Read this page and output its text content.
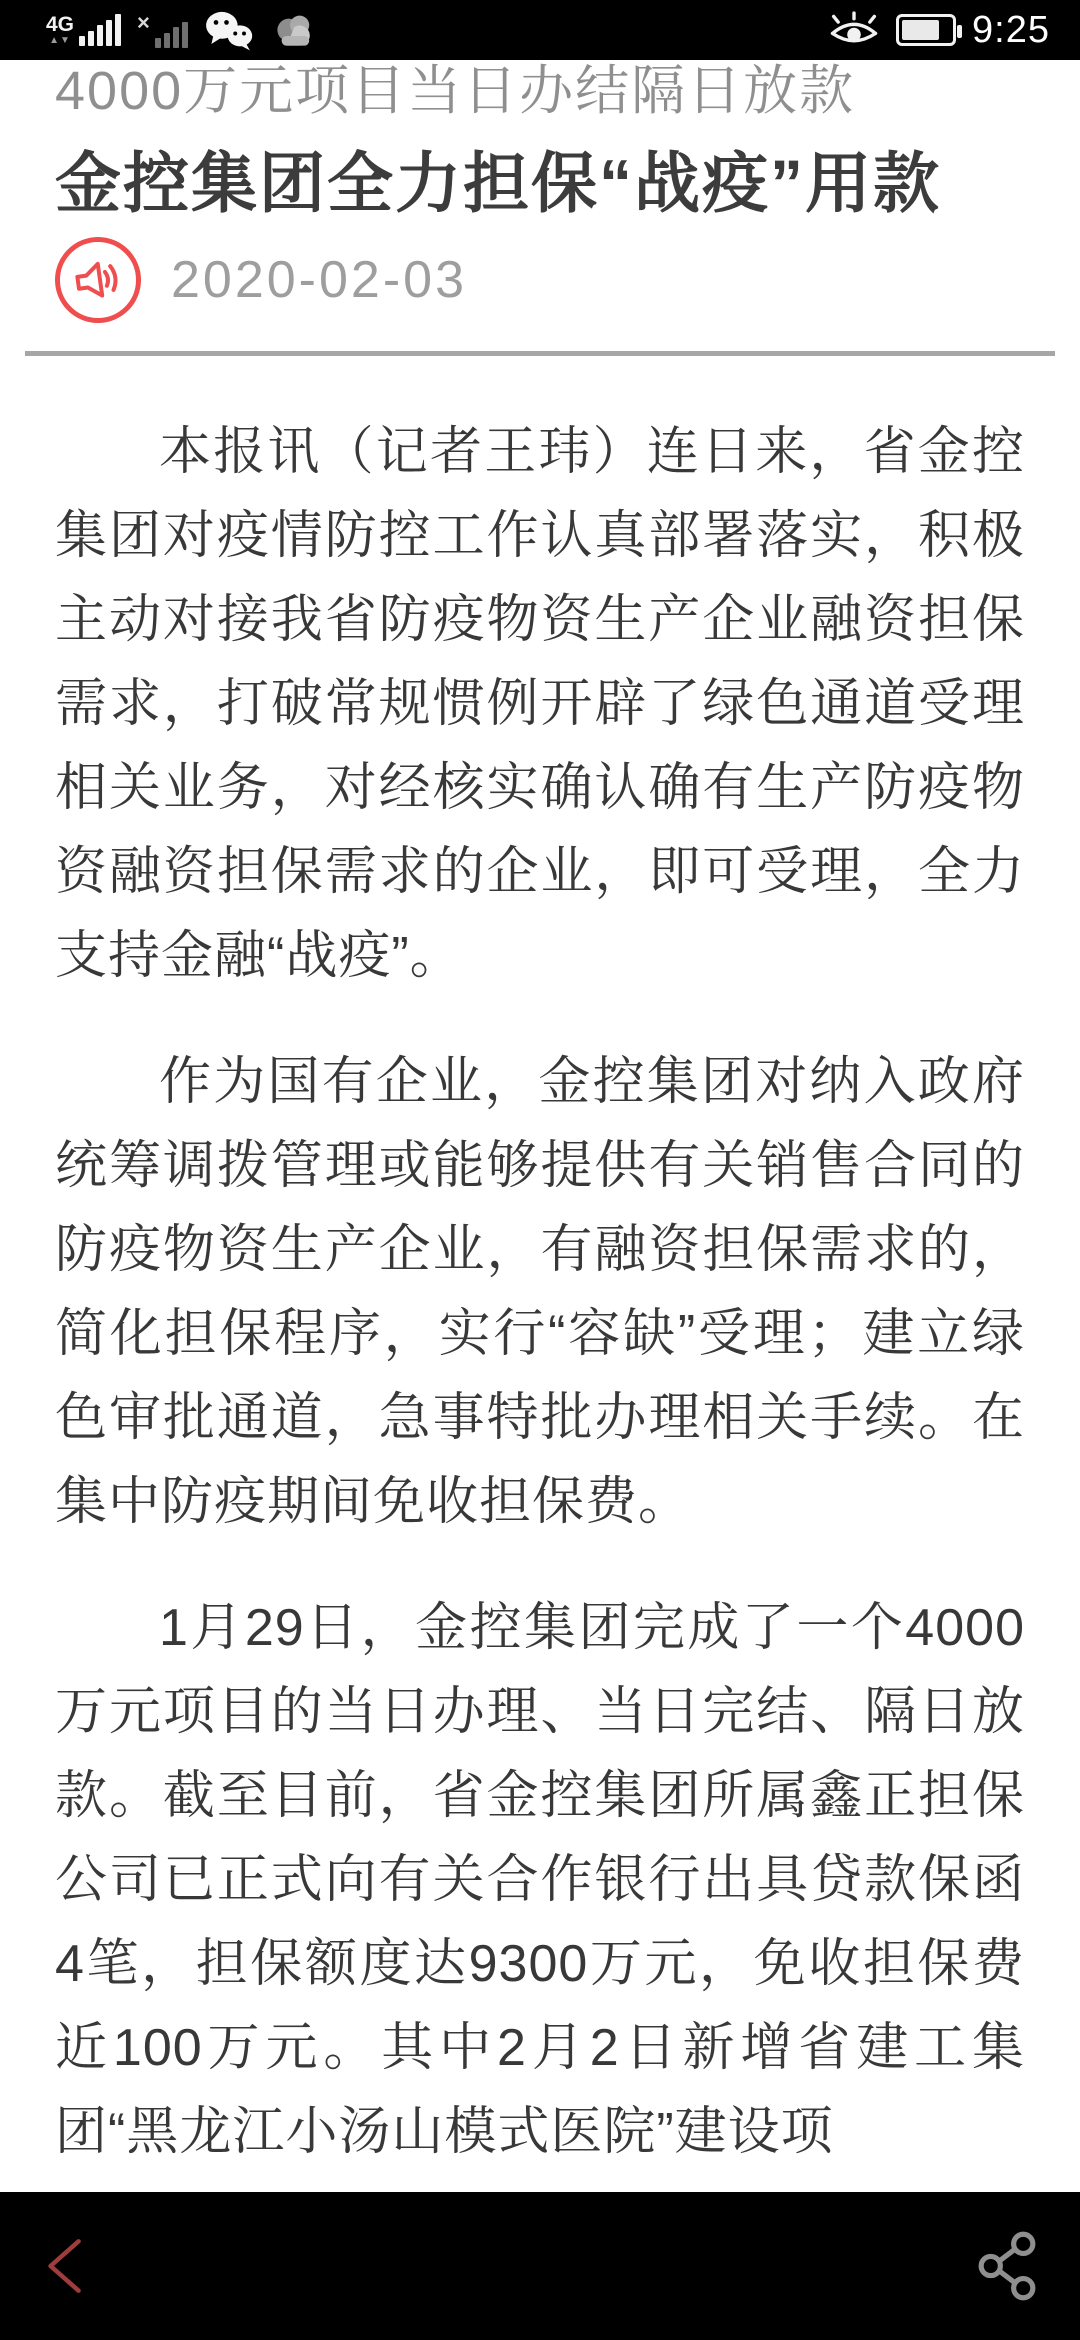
4G
▲▼
×	9:25
4000万元项目当日办结隔日放款
金控集团全力担保“战疫”用款
2020-02-03

本报讯（记者王玮）连日来，省金控集团对疫情防控工作认真部署落实，积极主动对接我省防疫物资生产企业融资担保需求，打破常规惯例开辟了绿色通道受理相关业务，对经核实确认确有生产防疫物资融资担保需求的企业，即可受理，全力支持金融“战疫”。

作为国有企业，金控集团对纳入政府统筹调拨管理或能够提供有关销售合同的防疫物资生产企业，有融资担保需求的，简化担保程序，实行“容缺”受理；建立绿色审批通道，急事特批办理相关手续。在集中防疫期间免收担保费。

1月29日，金控集团完成了一个4000万元项目的当日办理、当日完结、隔日放款。截至目前，省金控集团所属鑫正担保公司已正式向有关合作银行出具贷款保函4笔，担保额度达9300万元，免收担保费近100万元。其中2月2日新增省建工集团“黑龙江小汤山模式医院”建设项
